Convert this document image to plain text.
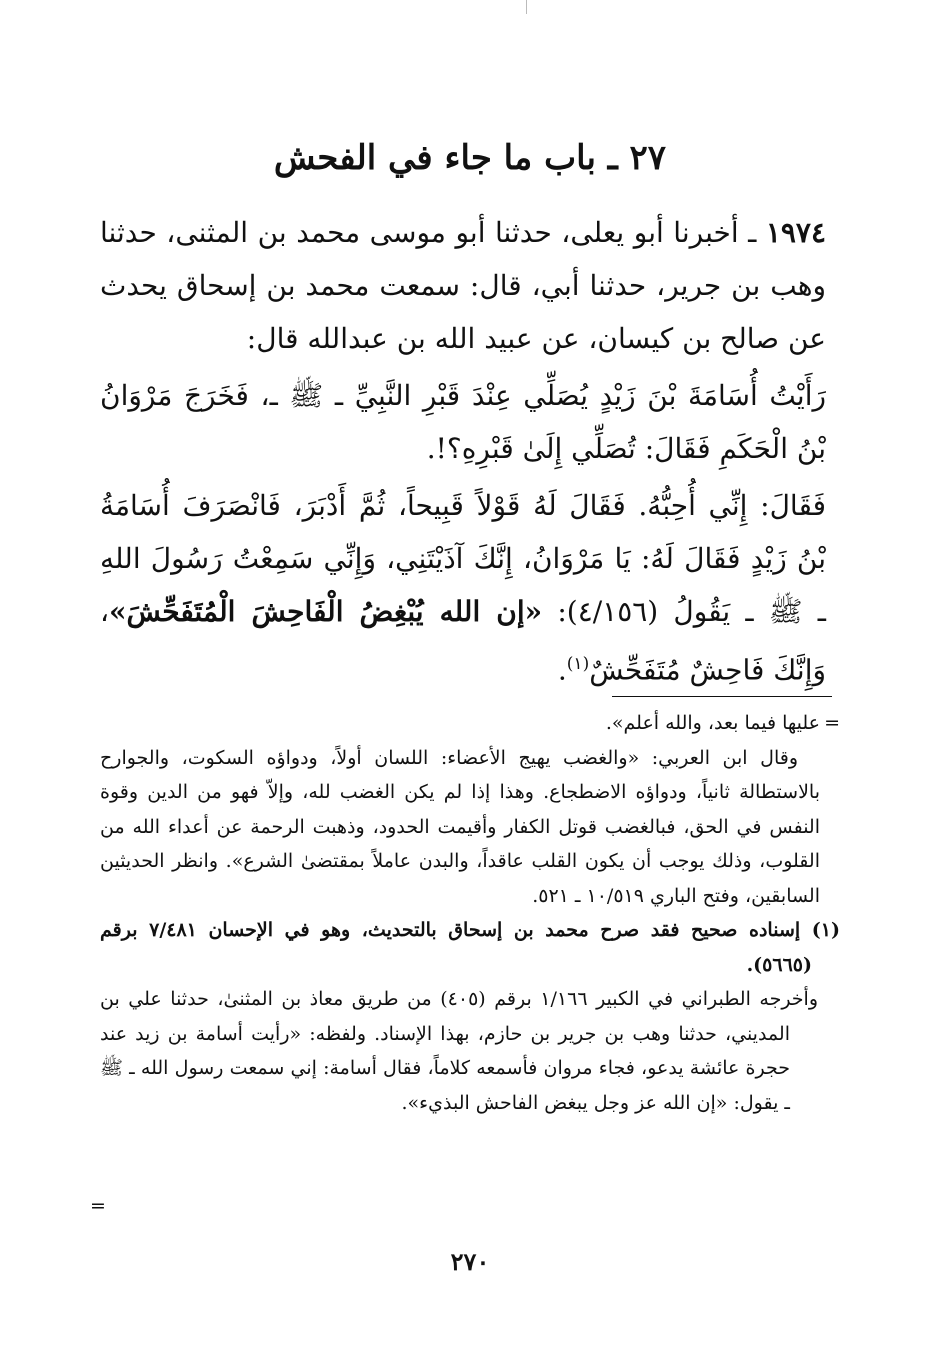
٢٧ ـ باب ما جاء في الفحش

١٩٧٤ ـ أخبرنا أبو يعلى، حدثنا أبو موسى محمد بن المثنى، حدثنا وهب بن جرير، حدثنا أبي، قال: سمعت محمد بن إسحاق يحدث عن صالح بن كيسان، عن عبيد الله بن عبدالله قال:

رَأَيْتُ أُسَامَةَ بْنَ زَيْدٍ يُصَلِّي عِنْدَ قَبْرِ النَّبِيِّ ـ ﷺ ـ، فَخَرَجَ مَرْوَانُ بْنُ الْحَكَمِ فَقَالَ: تُصَلِّي إِلَىٰ قَبْرِهِ؟!.

فَقَالَ: إِنِّي أُحِبُّهُ. فَقَالَ لَهُ قَوْلاً قَبِيحاً، ثُمَّ أَدْبَرَ، فَانْصَرَفَ أُسَامَةُ بْنُ زَيْدٍ فَقَالَ لَهُ: يَا مَرْوَانُ، إِنَّكَ آذَيْتَنِي، وَإِنِّي سَمِعْتُ رَسُولَ اللهِ ـ ﷺ ـ يَقُولُ (٤/١٥٦): «إن الله يُبْغِضُ الْفَاحِشَ الْمُتَفَحِّشَ»، وَإِنَّكَ فَاحِشٌ مُتَفَحِّشٌ$^{(١)}$.

=

عليها فيما بعد، والله أعلم».

وقال ابن العربي: «والغضب يهيج الأعضاء: اللسان أولاً، ودواؤه السكوت، والجوارح بالاستطالة ثانياً، ودواؤه الاضطجاع. وهذا إذا لم يكن الغضب لله، وإلاّ فهو من الدين وقوة النفس في الحق، فبالغضب قوتل الكفار وأقيمت الحدود، وذهبت الرحمة عن أعداء الله من القلوب، وذلك يوجب أن يكون القلب عاقداً، والبدن عاملاً بمقتضىٰ الشرع». وانظر الحديثين السابقين، وفتح الباري ١٠/٥١٩ ـ ٥٢١.

(١) إسناده صحيح فقد صرح محمد بن إسحاق بالتحديث، وهو في الإحسان ٧/٤٨١ برقم (٥٦٦٥).

وأخرجه الطبراني في الكبير ١/١٦٦ برقم (٤٠٥) من طريق معاذ بن المثنىٰ، حدثنا علي بن المديني، حدثنا وهب بن جرير بن حازم، بهذا الإسناد. ولفظه: «رأيت أسامة بن زيد عند حجرة عائشة يدعو، فجاء مروان فأسمعه كلاماً، فقال أسامة: إني سمعت رسول الله ـ ﷺ ـ يقول: «إن الله عز وجل يبغض الفاحش البذيء».

=
٢٧٠
